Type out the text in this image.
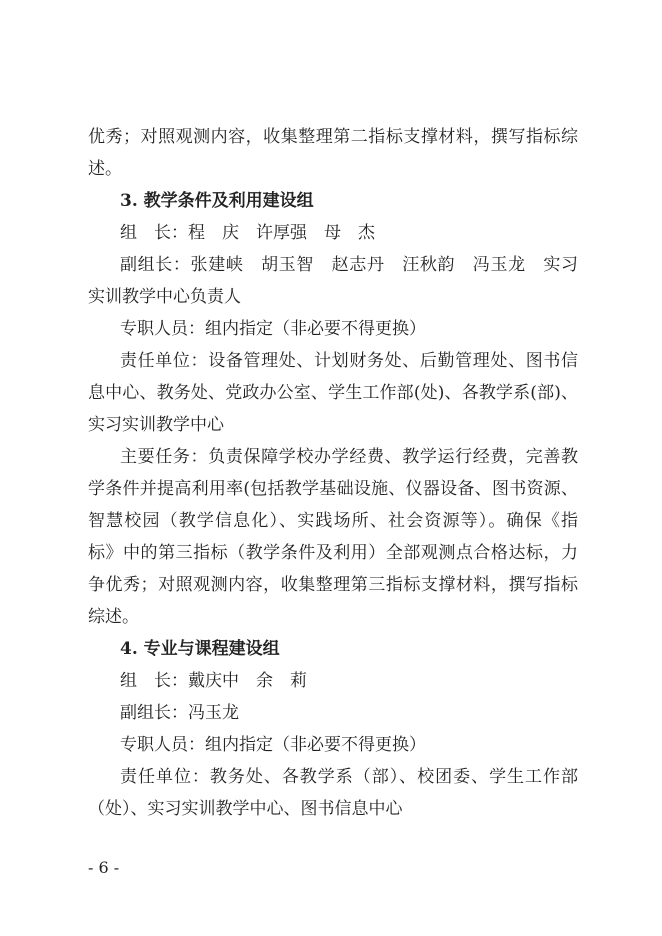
优秀；对照观测内容，收集整理第二指标支撑材料，撰写指标综
述。
3. 教学条件及利用建设组
组　长：程　庆　许厚强　母　杰
副组长：张建峡　胡玉智　赵志丹　汪秋韵　冯玉龙　实习
实训教学中心负责人
专职人员：组内指定（非必要不得更换）
责任单位：设备管理处、计划财务处、后勤管理处、图书信
息中心、教务处、党政办公室、学生工作部(处)、各教学系(部)、
实习实训教学中心
主要任务：负责保障学校办学经费、教学运行经费，完善教
学条件并提高利用率(包括教学基础设施、仪器设备、图书资源、
智慧校园（教学信息化）、实践场所、社会资源等）。确保《指
标》中的第三指标（教学条件及利用）全部观测点合格达标，力
争优秀；对照观测内容，收集整理第三指标支撑材料，撰写指标
综述。
4. 专业与课程建设组
组　长：戴庆中　余　莉
副组长：冯玉龙
专职人员：组内指定（非必要不得更换）
责任单位：教务处、各教学系（部）、校团委、学生工作部
（处）、实习实训教学中心、图书信息中心
- 6 -
